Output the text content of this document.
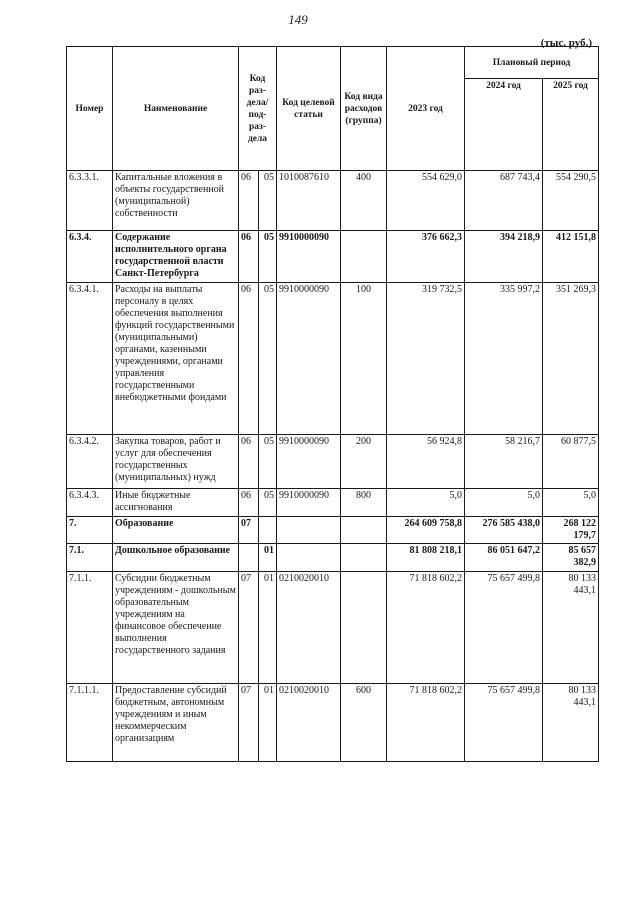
149
(тыс. руб.)
Номер	Наименование	Код раз-дела/ под-раз-дела		Код целевой статьи	Код вида расходов (группа)	2023 год	Плановый период	
							2024 год	2025 год
6.3.3.1.	Капитальные вложения в объекты государственной (муниципальной) собственности	06	05	1010087610	400	554 629,0	687 743,4	554 290,5
6.3.4.	Содержание исполнительного органа государственной власти Санкт-Петербурга	06	05	9910000090		376 662,3	394 218,9	412 151,8
6.3.4.1.	Расходы на выплаты персоналу в целях обеспечения выполнения функций государственными (муниципальными) органами, казенными учреждениями, органами управления государственными внебюджетными фондами	06	05	9910000090	100	319 732,5	335 997,2	351 269,3
6.3.4.2.	Закупка товаров, работ и услуг для обеспечения государственных (муниципальных) нужд	06	05	9910000090	200	56 924,8	58 216,7	60 877,5
6.3.4.3.	Иные бюджетные ассигнования	06	05	9910000090	800	5,0	5,0	5,0
7.	Образование	07				264 609 758,8	276 585 438,0	268 122 179,7
7.1.	Дошкольное образование		01			81 808 218,1	86 051 647,2	85 657 382,9
7.1.1.	Субсидии бюджетным учреждениям - дошкольным образовательным учреждениям на финансовое обеспечение выполнения государственного задания	07	01	0210020010		71 818 602,2	75 657 499,8	80 133 443,1
7.1.1.1.	Предоставление субсидий бюджетным, автономным учреждениям и иным некоммерческим организациям	07	01	0210020010	600	71 818 602,2	75 657 499,8	80 133 443,1
